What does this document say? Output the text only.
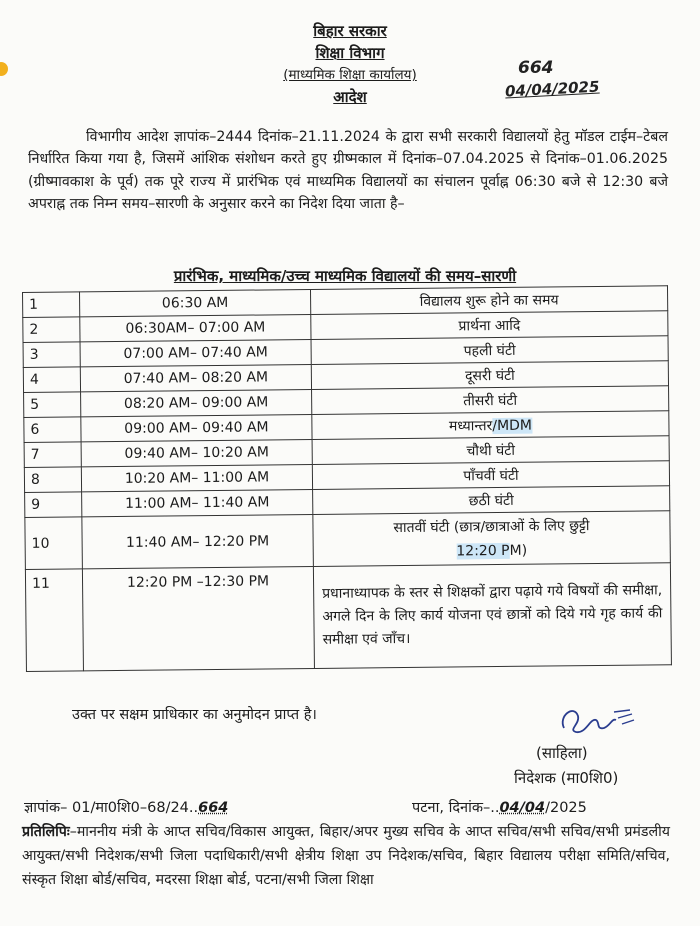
बिहार सरकार
शिक्षा विभाग
(माध्यमिक शिक्षा कार्यालय)
आदेश
664
04/04/2025
विभागीय आदेश ज्ञापांक–2444 दिनांक–21.11.2024 के द्वारा सभी सरकारी विद्यालयों हेतु मॉडल टाईम–टेबल निर्धारित किया गया है, जिसमें आंशिक संशोधन करते हुए ग्रीष्मकाल में दिनांक–07.04.2025 से दिनांक–01.06.2025 (ग्रीष्मावकाश के पूर्व) तक पूरे राज्य में प्रारंभिक एवं माध्यमिक विद्यालयों का संचालन पूर्वाह्न 06:30 बजे से 12:30 बजे अपराह्न तक निम्न समय–सारणी के अनुसार करने का निदेश दिया जाता है–
प्रारंभिक, माध्यमिक/उच्च माध्यमिक विद्यालयों की समय–सारणी
1	06:30 AM	विद्यालय शुरू होने का समय
2	06:30AM– 07:00 AM	प्रार्थना आदि
3	07:00 AM– 07:40 AM	पहली घंटी
4	07:40 AM– 08:20 AM	दूसरी घंटी
5	08:20 AM– 09:00 AM	तीसरी घंटी
6	09:00 AM– 09:40 AM	मध्यान्तर/MDM
7	09:40 AM– 10:20 AM	चौथी घंटी
8	10:20 AM– 11:00 AM	पाँचवीं घंटी
9	11:00 AM– 11:40 AM	छठी घंटी
10	11:40 AM– 12:20 PM	सातवीं घंटी (छात्र/छात्राओं के लिए छुट्टी
12:20 PM)
11	12:20 PM –12:30 PM	प्रधानाध्यापक के स्तर से शिक्षकों द्वारा पढ़ाये गये विषयों की समीक्षा, अगले दिन के लिए कार्य योजना एवं छात्रों को दिये गये गृह कार्य की समीक्षा एवं जाँच।
उक्त पर सक्षम प्राधिकार का अनुमोदन प्राप्त है।
(साहिला)
निदेशक (मा0शि0)
ज्ञापांक– 01/मा0शि0–68/24..664	पटना, दिनांक–..04/04/2025
प्रतिलिपिः–माननीय मंत्री के आप्त सचिव/विकास आयुक्त, बिहार/अपर मुख्य सचिव के आप्त सचिव/सभी सचिव/सभी प्रमंडलीय आयुक्त/सभी निदेशक/सभी जिला पदाधिकारी/सभी क्षेत्रीय शिक्षा उप निदेशक/सचिव, बिहार विद्यालय परीक्षा समिति/सचिव, संस्कृत शिक्षा बोर्ड/सचिव, मदरसा शिक्षा बोर्ड, पटना/सभी जिला शिक्षा
